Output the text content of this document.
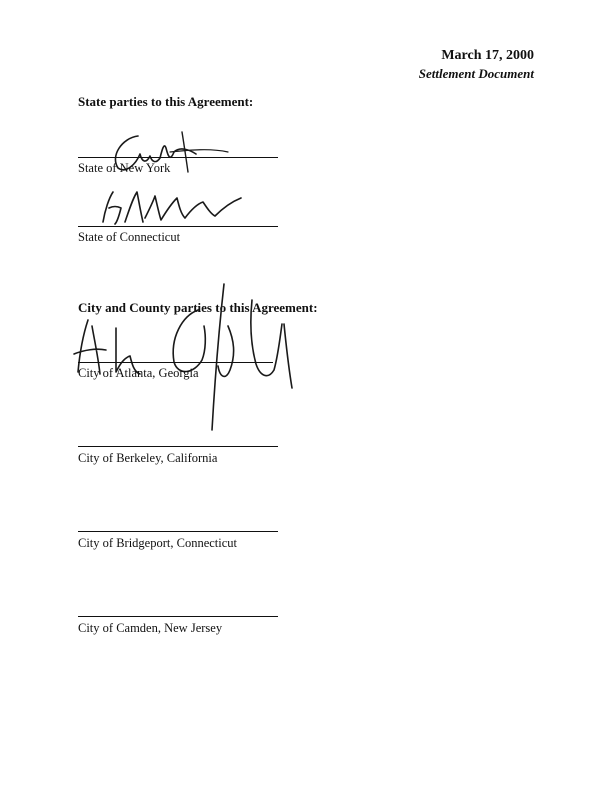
March 17, 2000
Settlement Document
State parties to this Agreement:
State of New York
State of Connecticut
City and County parties to this Agreement:
City of Atlanta, Georgia
City of Berkeley, California
City of Bridgeport, Connecticut
City of Camden, New Jersey
